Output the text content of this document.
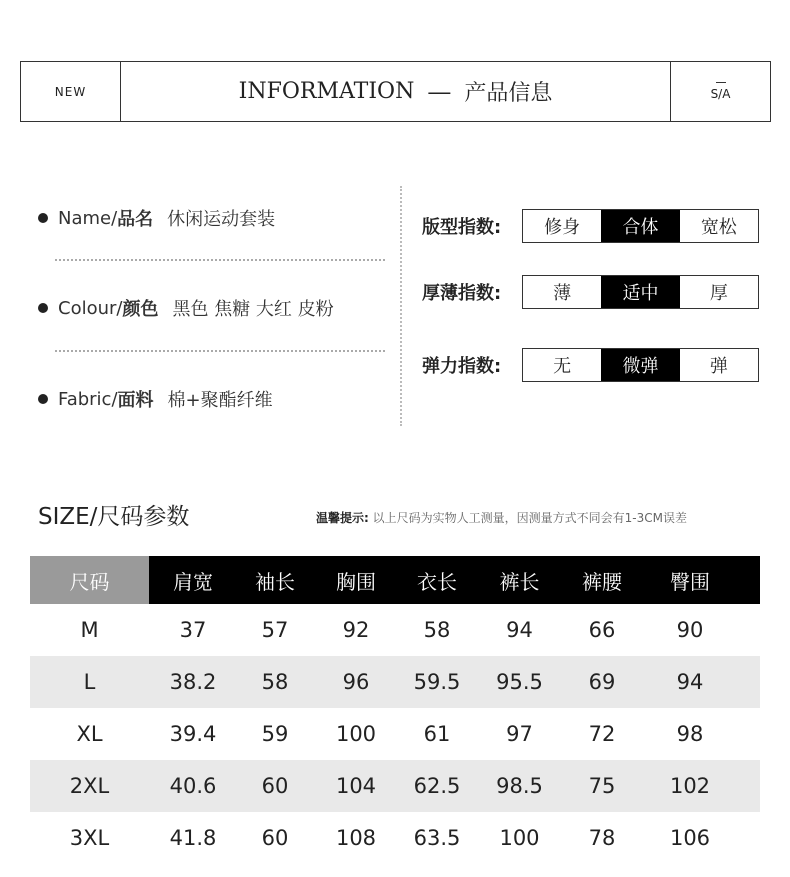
NEW	INFORMATION — 产品信息	S/A
Name/ 品名 休闲运动套装
Colour/ 颜色 黑色 焦糖 大红 皮粉
Fabric/ 面料 棉+聚酯纤维
版型指数:	修身	合体	宽松
厚薄指数:	薄	适中	厚
弹力指数:	无	微弹	弹
SIZE/尺码参数	温馨提示: 以上尺码为实物人工测量，因测量方式不同会有1-3CM误差
尺码	肩宽	袖长	胸围	衣长	裤长	裤腰	臀围
M	37	57	92	58	94	66	90
L	38.2	58	96	59.5	95.5	69	94
XL	39.4	59	100	61	97	72	98
2XL	40.6	60	104	62.5	98.5	75	102
3XL	41.8	60	108	63.5	100	78	106
